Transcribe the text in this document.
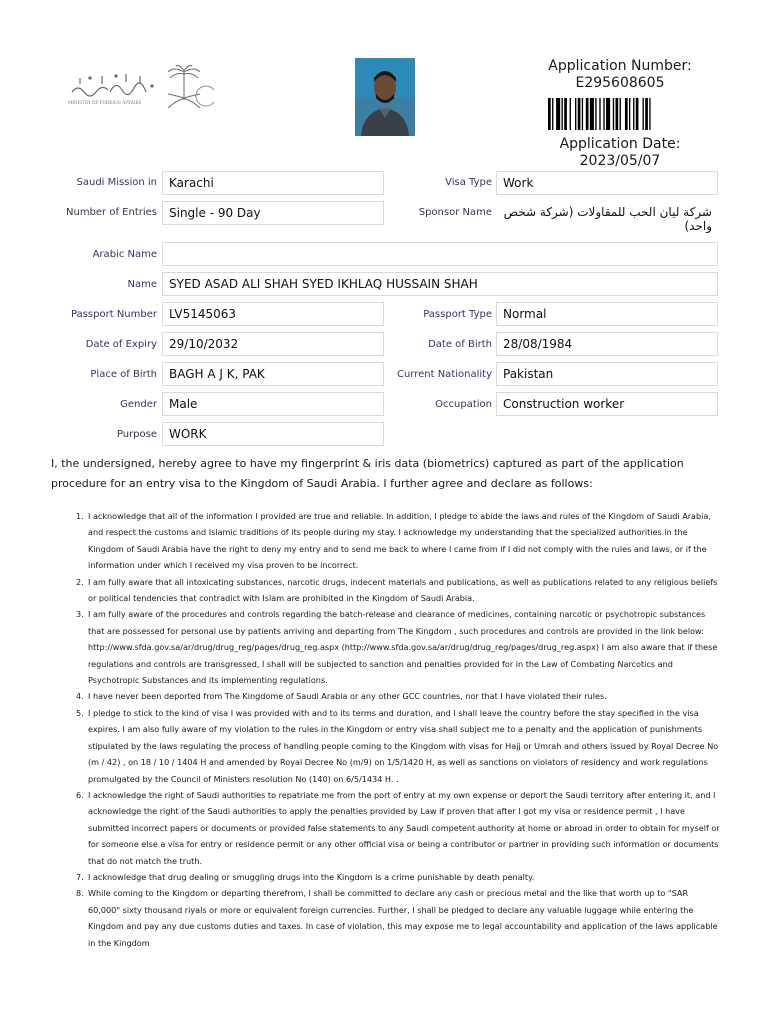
MINISTRY OF FOREIGN AFFAIRS
Application Number:
E295608605
Application Date:
2023/05/07
Saudi Mission in	Karachi	Visa Type Work
Number of Entries	Single - 90 Day	Sponsor Name شركة ليان الحب للمقاولات (شركة شخص واحد)
Arabic Name
Name	SYED ASAD ALI SHAH SYED IKHLAQ HUSSAIN SHAH
Passport Number	LV5145063	Passport Type Normal
Date of Expiry	29/10/2032	Date of Birth 28/08/1984
Place of Birth	BAGH A J K, PAK	Current Nationality Pakistan
Gender	Male	Occupation Construction worker
Purpose	WORK
I, the undersigned, hereby agree to have my fingerprint & iris data (biometrics) captured as part of the application procedure for an entry visa to the Kingdom of Saudi Arabia. I further agree and declare as follows:
1. I acknowledge that all of the information I provided are true and reliable. In addition, I pledge to abide the laws and rules of the Kingdom of Saudi Arabia, and respect the customs and Islamic traditions of its people during my stay. I acknowledge my understanding that the specialized authorities in the Kingdom of Saudi Arabia have the right to deny my entry and to send me back to where I came from if I did not comply with the rules and laws, or if the information under which I received my visa proven to be incorrect.
2. I am fully aware that all intoxicating substances, narcotic drugs, indecent materials and publications, as well as publications related to any religious beliefs or political tendencies that contradict with Islam are prohibited in the Kingdom of Saudi Arabia.
3. I am fully aware of the procedures and controls regarding the batch-release and clearance of medicines, containing narcotic or psychotropic substances that are possessed for personal use by patients arriving and departing from The Kingdom , such procedures and controls are provided in the link below: http://www.sfda.gov.sa/ar/drug/drug_reg/pages/drug_reg.aspx (http://www.sfda.gov.sa/ar/drug/drug_reg/pages/drug_reg.aspx) I am also aware that if these regulations and controls are transgressed, I shall will be subjected to sanction and penalties provided for in the Law of Combating Narcotics and Psychotropic Substances and its implementing regulations.
4. I have never been deported from The Kingdome of Saudi Arabia or any other GCC countries, nor that I have violated their rules.
5. I pledge to stick to the kind of visa I was provided with and to its terms and duration, and I shall leave the country before the stay specified in the visa expires. I am also fully aware of my violation to the rules in the Kingdom or entry visa shall subject me to a penalty and the application of punishments stipulated by the laws regulating the process of handling people coming to the Kingdom with visas for Hajj or Umrah and others issued by Royal Decree No (m / 42) , on 18 / 10 / 1404 H and amended by Royal Decree No (m/9) on 1/5/1420 H, as well as sanctions on violators of residency and work regulations promulgated by the Council of Ministers resolution No (140) on 6/5/1434 H. .
6. I acknowledge the right of Saudi authorities to repatriate me from the port of entry at my own expense or deport the Saudi territory after entering it, and I acknowledge the right of the Saudi authorities to apply the penalties provided by Law if proven that after I got my visa or residence permit , I have submitted incorrect papers or documents or provided false statements to any Saudi competent authority at home or abroad in order to obtain for myself or for someone else a visa for entry or residence permit or any other official visa or being a contributor or partner in providing such information or documents that do not match the truth.
7. I acknowledge that drug dealing or smuggling drugs into the Kingdom is a crime punishable by death penalty.
8. While coming to the Kingdom or departing therefrom, I shall be committed to declare any cash or precious metal and the like that worth up to "SAR 60,000" sixty thousand riyals or more or equivalent foreign currencies. Further, I shall be pledged to declare any valuable luggage while entering the Kingdom and pay any due customs duties and taxes. In case of violation, this may expose me to legal accountability and application of the laws applicable in the Kingdom
